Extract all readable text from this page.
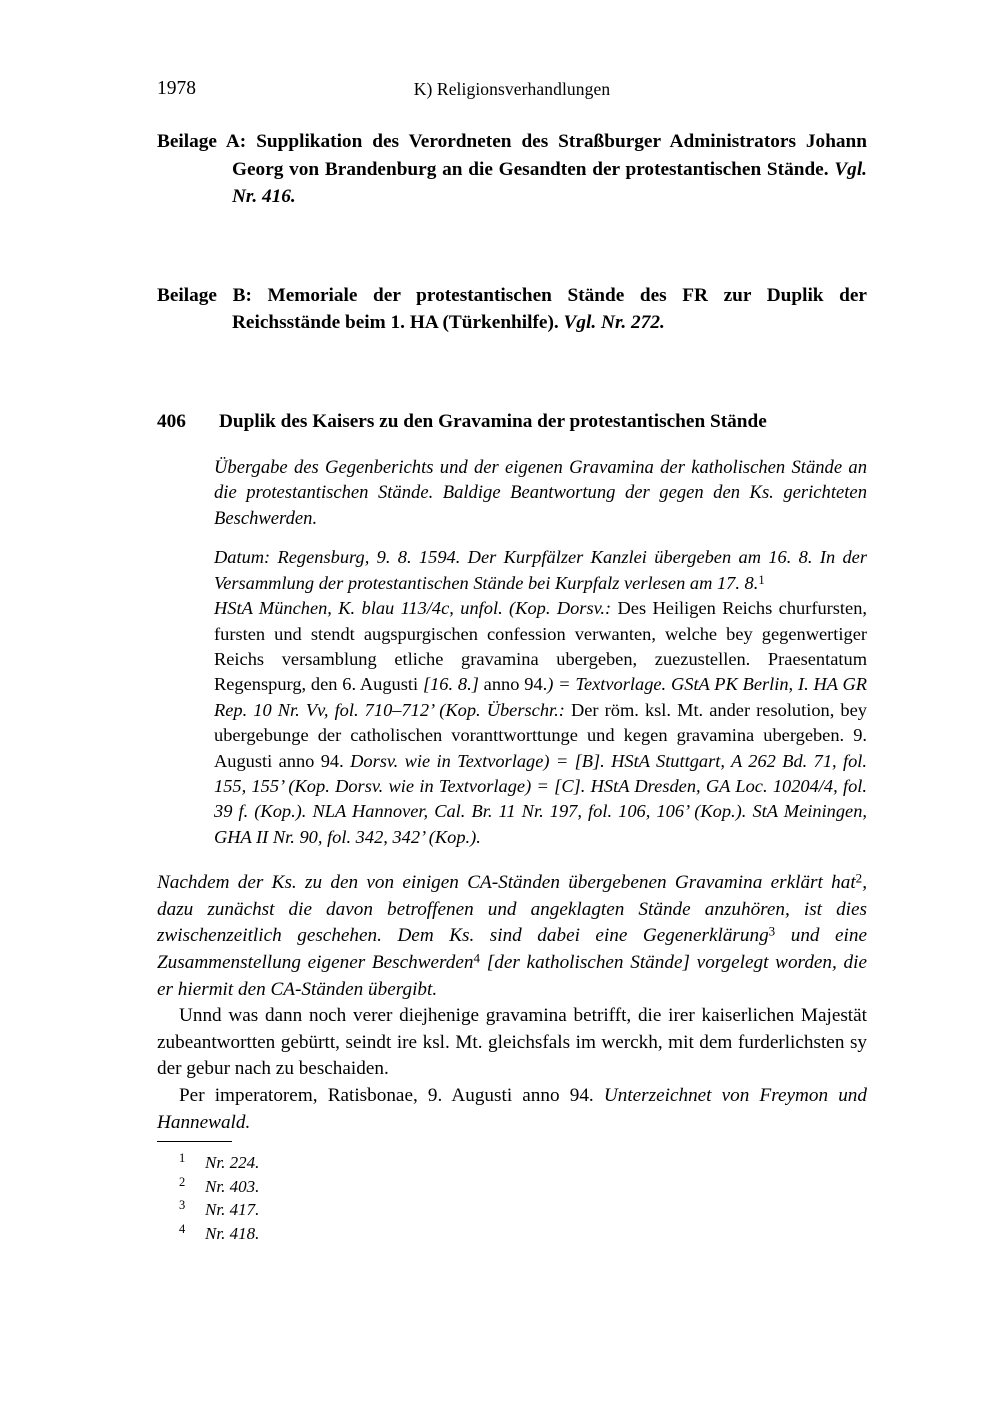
1978	K) Religionsverhandlungen
Beilage A: Supplikation des Verordneten des Straßburger Administrators Johann Georg von Brandenburg an die Gesandten der protestantischen Stände. Vgl. Nr. 416.
Beilage B: Memoriale der protestantischen Stände des FR zur Duplik der Reichsstände beim 1. HA (Türkenhilfe). Vgl. Nr. 272.
406 Duplik des Kaisers zu den Gravamina der protestantischen Stände
Übergabe des Gegenberichts und der eigenen Gravamina der katholischen Stände an die protestantischen Stände. Baldige Beantwortung der gegen den Ks. gerichteten Beschwerden.
Datum: Regensburg, 9. 8. 1594. Der Kurpfälzer Kanzlei übergeben am 16. 8. In der Versammlung der protestantischen Stände bei Kurpfalz verlesen am 17. 8.$^1$
HStA München, K. blau 113/4c, unfol. (Kop. Dorsv.: Des Heiligen Reichs churfursten, fursten und stendt augspurgischen confession verwanten, welche bey gegenwertiger Reichs versamblung etliche gravamina ubergeben, zuezustellen. Praesentatum Regenspurg, den 6. Augusti [16. 8.] anno 94.) = Textvorlage. GStA PK Berlin, I. HA GR Rep. 10 Nr. Vv, fol. 710–712’ (Kop. Überschr.: Der röm. ksl. Mt. ander resolution, bey ubergebunge der catholischen voranttworttunge und kegen gravamina ubergeben. 9. Augusti anno 94. Dorsv. wie in Textvorlage) = [B]. HStA Stuttgart, A 262 Bd. 71, fol. 155, 155’ (Kop. Dorsv. wie in Textvorlage) = [C]. HStA Dresden, GA Loc. 10204/4, fol. 39 f. (Kop.). NLA Hannover, Cal. Br. 11 Nr. 197, fol. 106, 106’ (Kop.). StA Meiningen, GHA II Nr. 90, fol. 342, 342’ (Kop.).

Nachdem der Ks. zu den von einigen CA-Ständen übergebenen Gravamina erklärt hat$^2$, dazu zunächst die davon betroffenen und angeklagten Stände anzuhören, ist dies zwischenzeitlich geschehen. Dem Ks. sind dabei eine Gegenerklärung$^3$ und eine Zusammenstellung eigener Beschwerden$^4$ [der katholischen Stände] vorgelegt worden, die er hiermit den CA-Ständen übergibt.

Unnd was dann noch verer diejhenige gravamina betrifft, die irer kaiserlichen Majestät zubeantwortten gebürtt, seindt ire ksl. Mt. gleichsfals im werckh, mit dem furderlichsten sy der gebur nach zu beschaiden.

Per imperatorem, Ratisbonae, 9. Augusti anno 94. Unterzeichnet von Freymon und Hannewald.

1 Nr. 224.
2 Nr. 403.
3 Nr. 417.
4 Nr. 418.
